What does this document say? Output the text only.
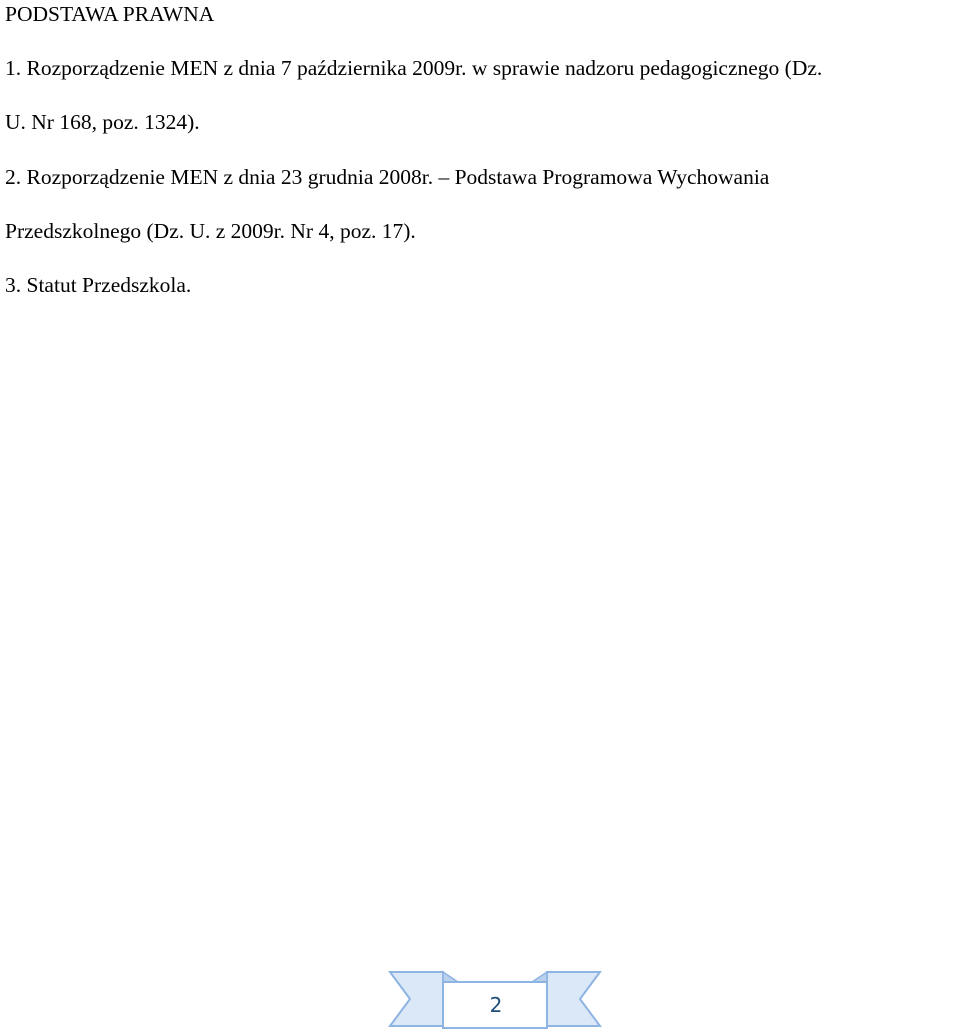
PODSTAWA PRAWNA

1. Rozporządzenie MEN z dnia 7 października 2009r. w sprawie nadzoru pedagogicznego (Dz.

U. Nr 168, poz. 1324).

2. Rozporządzenie MEN z dnia 23 grudnia 2008r. – Podstawa Programowa Wychowania

Przedszkolnego (Dz. U. z 2009r. Nr 4, poz. 17).

3. Statut Przedszkola.

2
